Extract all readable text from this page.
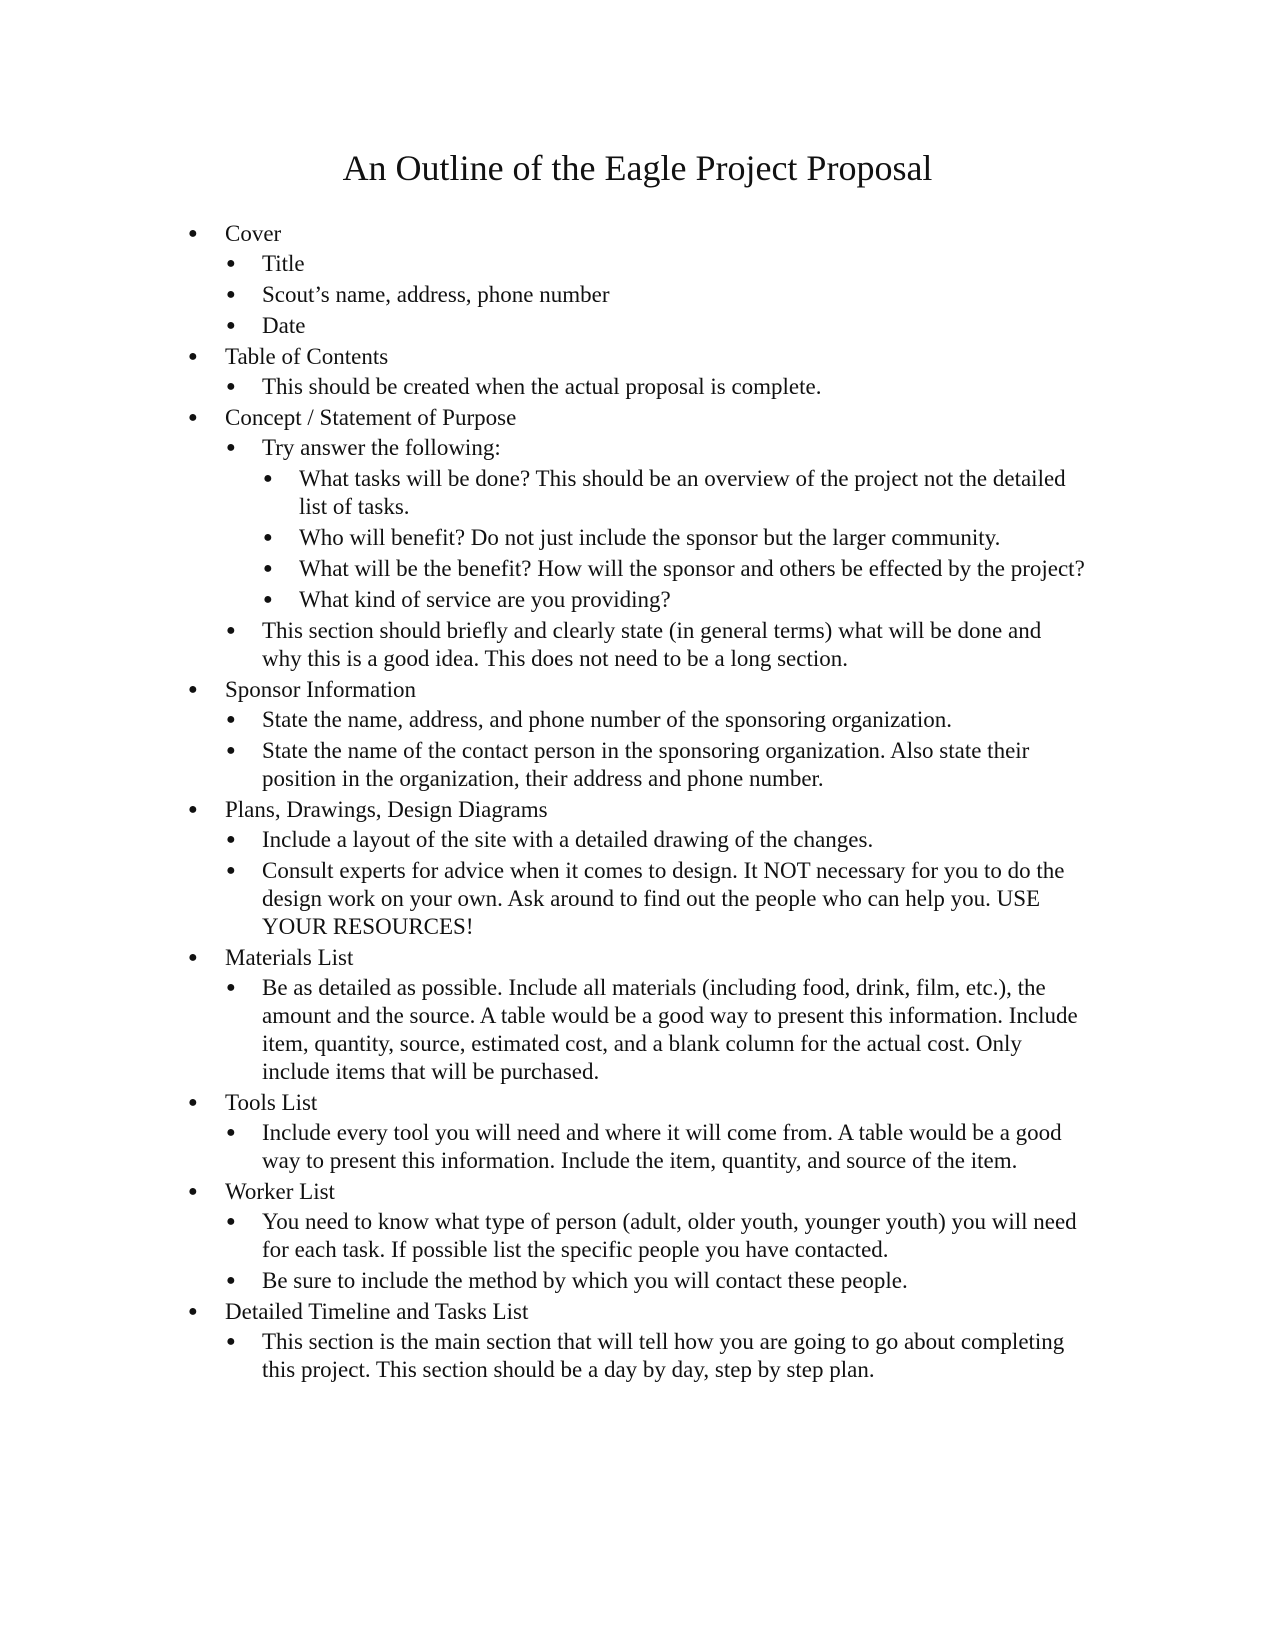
An Outline of the Eagle Project Proposal
● Cover
● Title
● Scout’s name, address, phone number
● Date
● Table of Contents
● This should be created when the actual proposal is complete.
● Concept / Statement of Purpose
● Try answer the following:
● What tasks will be done? This should be an overview of the project not the detailed list of tasks.
● Who will benefit? Do not just include the sponsor but the larger community.
● What will be the benefit? How will the sponsor and others be effected by the project?
● What kind of service are you providing?
● This section should briefly and clearly state (in general terms) what will be done and why this is a good idea. This does not need to be a long section.
● Sponsor Information
● State the name, address, and phone number of the sponsoring organization.
● State the name of the contact person in the sponsoring organization. Also state their position in the organization, their address and phone number.
● Plans, Drawings, Design Diagrams
● Include a layout of the site with a detailed drawing of the changes.
● Consult experts for advice when it comes to design. It NOT necessary for you to do the design work on your own. Ask around to find out the people who can help you. USE YOUR RESOURCES!
● Materials List
● Be as detailed as possible. Include all materials (including food, drink, film, etc.), the amount and the source. A table would be a good way to present this information. Include item, quantity, source, estimated cost, and a blank column for the actual cost. Only include items that will be purchased.
● Tools List
● Include every tool you will need and where it will come from. A table would be a good way to present this information. Include the item, quantity, and source of the item.
● Worker List
● You need to know what type of person (adult, older youth, younger youth) you will need for each task. If possible list the specific people you have contacted.
● Be sure to include the method by which you will contact these people.
● Detailed Timeline and Tasks List
● This section is the main section that will tell how you are going to go about completing this project. This section should be a day by day, step by step plan.
